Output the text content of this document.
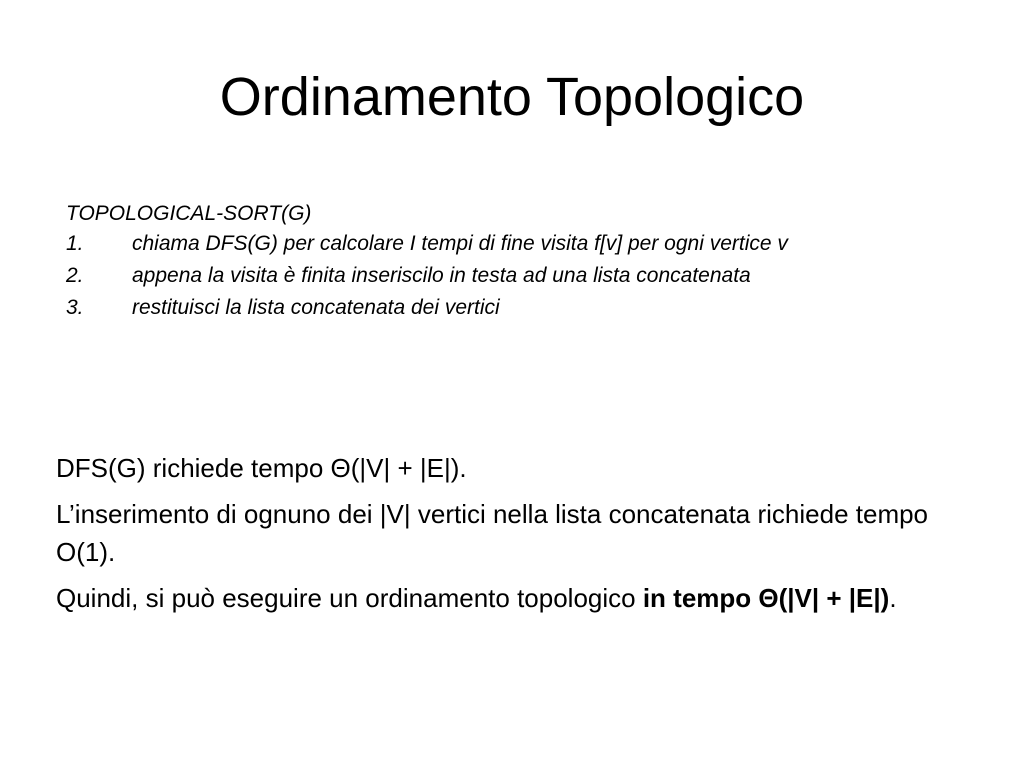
Ordinamento Topologico
TOPOLOGICAL-SORT(G)
1.	chiama DFS(G) per calcolare I tempi di fine visita f[v] per ogni vertice v
2.	appena la visita è finita inseriscilo in testa ad una lista concatenata
3.	restituisci la lista concatenata dei vertici

DFS(G) richiede tempo Θ(|V| + |E|).

L’inserimento di ognuno dei |V| vertici nella lista concatenata richiede tempo O(1).

Quindi, si può eseguire un ordinamento topologico in tempo Θ(|V| + |E|).
